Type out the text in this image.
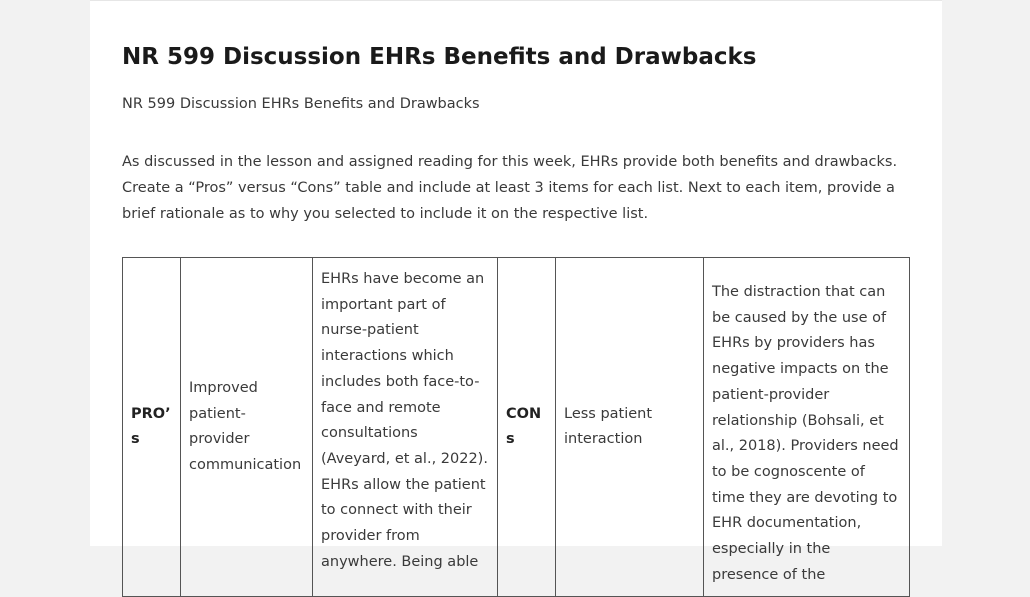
NR 599 Discussion EHRs Benefits and Drawbacks

NR 599 Discussion EHRs Benefits and Drawbacks

As discussed in the lesson and assigned reading for this week, EHRs provide both benefits and drawbacks. Create a “Pros” versus “Cons” table and include at least 3 items for each list. Next to each item, provide a brief rationale as to why you selected to include it on the respective list.

PRO’s	Improved patient-provider communication	EHRs have become an important part of nurse-patient interactions which includes both face-to-face and remote consultations (Aveyard, et al., 2022). EHRs allow the patient to connect with their provider from anywhere. Being able	CONs	Less patient interaction	The distraction that can be caused by the use of EHRs by providers has negative impacts on the patient-provider relationship (Bohsali, et al., 2018). Providers need to be cognoscente of time they are devoting to EHR documentation, especially in the presence of the
